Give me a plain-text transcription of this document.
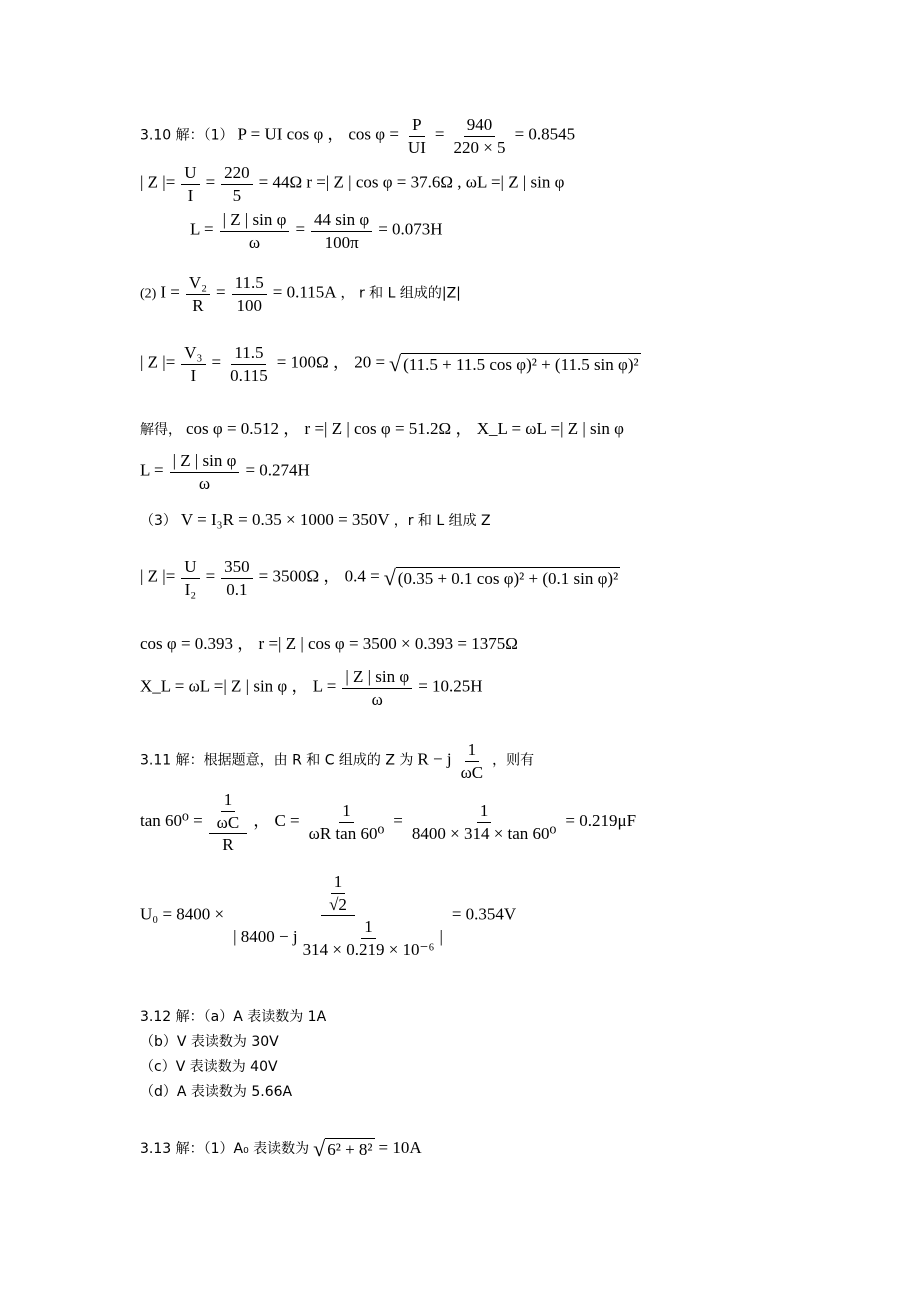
3.10 解：（1） P = UI cos φ ， $\cos \varphi = \frac{P}{UI} = \frac{940}{220 \times 5} = 0.8545$
| Z |= $\frac{U}{I} = \frac{220}{5} = 44\Omega$ r =| Z | cos φ = 37.6Ω , ωL =| Z | sin φ
$L = \frac{\text{| Z | sin φ}}{\omega} = \frac{\text{44 sin φ}}{100\pi} = 0.073H$
(2) $I = \frac{\text{V₂}}{R} = \frac{11.5}{100} = 0.115A$ ， r 和 L 组成的|Z|
| Z |= $\frac{\text{V₃}}{I} = \frac{11.5}{0.115} = 100\Omega$ ， 20 = √ (11.5 + 11.5 cos φ)² + (11.5 sin φ)²
解得， cos φ = 0.512 ， r =| Z | cos φ = 51.2Ω ， X_L = ωL =| Z | sin φ
$L = \frac{\text{| Z | sin φ}}{\omega} = 0.274H$
（3） V = I₃R = 0.35 × 1000 = 350V ，r 和 L 组成 Z
| Z |= $\frac{U}{\text{I₂}} = \frac{350}{0.1} = 3500\Omega$ ， 0.4 = √ (0.35 + 0.1 cos φ)² + (0.1 sin φ)²
cos φ = 0.393 ， r =| Z | cos φ = 3500 × 0.393 = 1375Ω
X_L = ωL =| Z | sin φ ， $L = \frac{\text{| Z | sin φ}}{\omega} = 10.25H$
3.11 解：根据题意，由 R 和 C 组成的 Z 为 R − j $\frac{1}{\omega C}$ ，则有
$\tan 60^0 = \frac{\frac{1}{\omega C}}{R}$ ， $C = \frac{1}{\text{ωR tan 60⁰}} = \frac{1}{\text{8400 × 314 × tan 60⁰}} = 0.219\mu F$
$U_0 = 8400 \times \frac{\frac{1}{√2}}{| 8400 - j \frac{1}{\text{314 × 0.219 × 10⁻⁶}} |} = 0.354V$
3.12 解：（a）A 表读数为 1A
（b）V 表读数为 30V
（c）V 表读数为 40V
（d）A 表读数为 5.66A
3.13 解：（1）A₀ 表读数为 √ 6² + 8² = 10A
